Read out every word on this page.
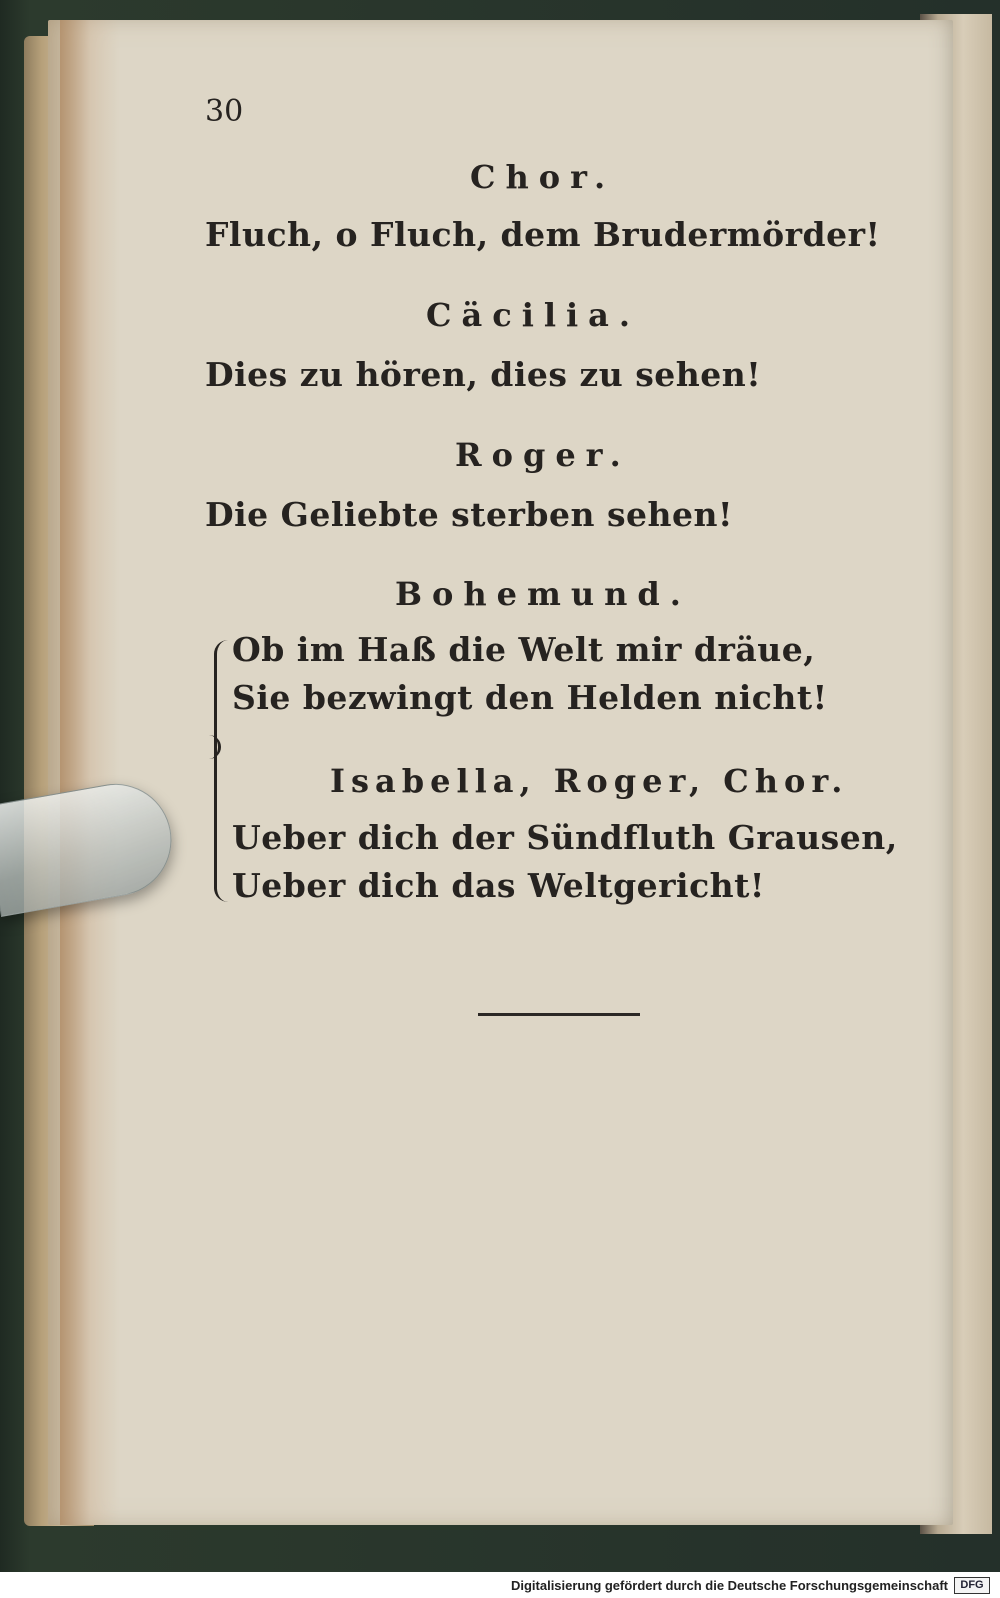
30
Chor.
Fluch, o Fluch, dem Brudermörder!
Cäcilia.
Dies zu hören, dies zu sehen!
Roger.
Die Geliebte sterben sehen!
Bohemund.
Ob im Haß die Welt mir dräue,
Sie bezwingt den Helden nicht!
Isabella, Roger, Chor.
Ueber dich der Sündfluth Grausen,
Ueber dich das Weltgericht!
Digitalisierung gefördert durch die Deutsche Forschungsgemeinschaft	DFG
